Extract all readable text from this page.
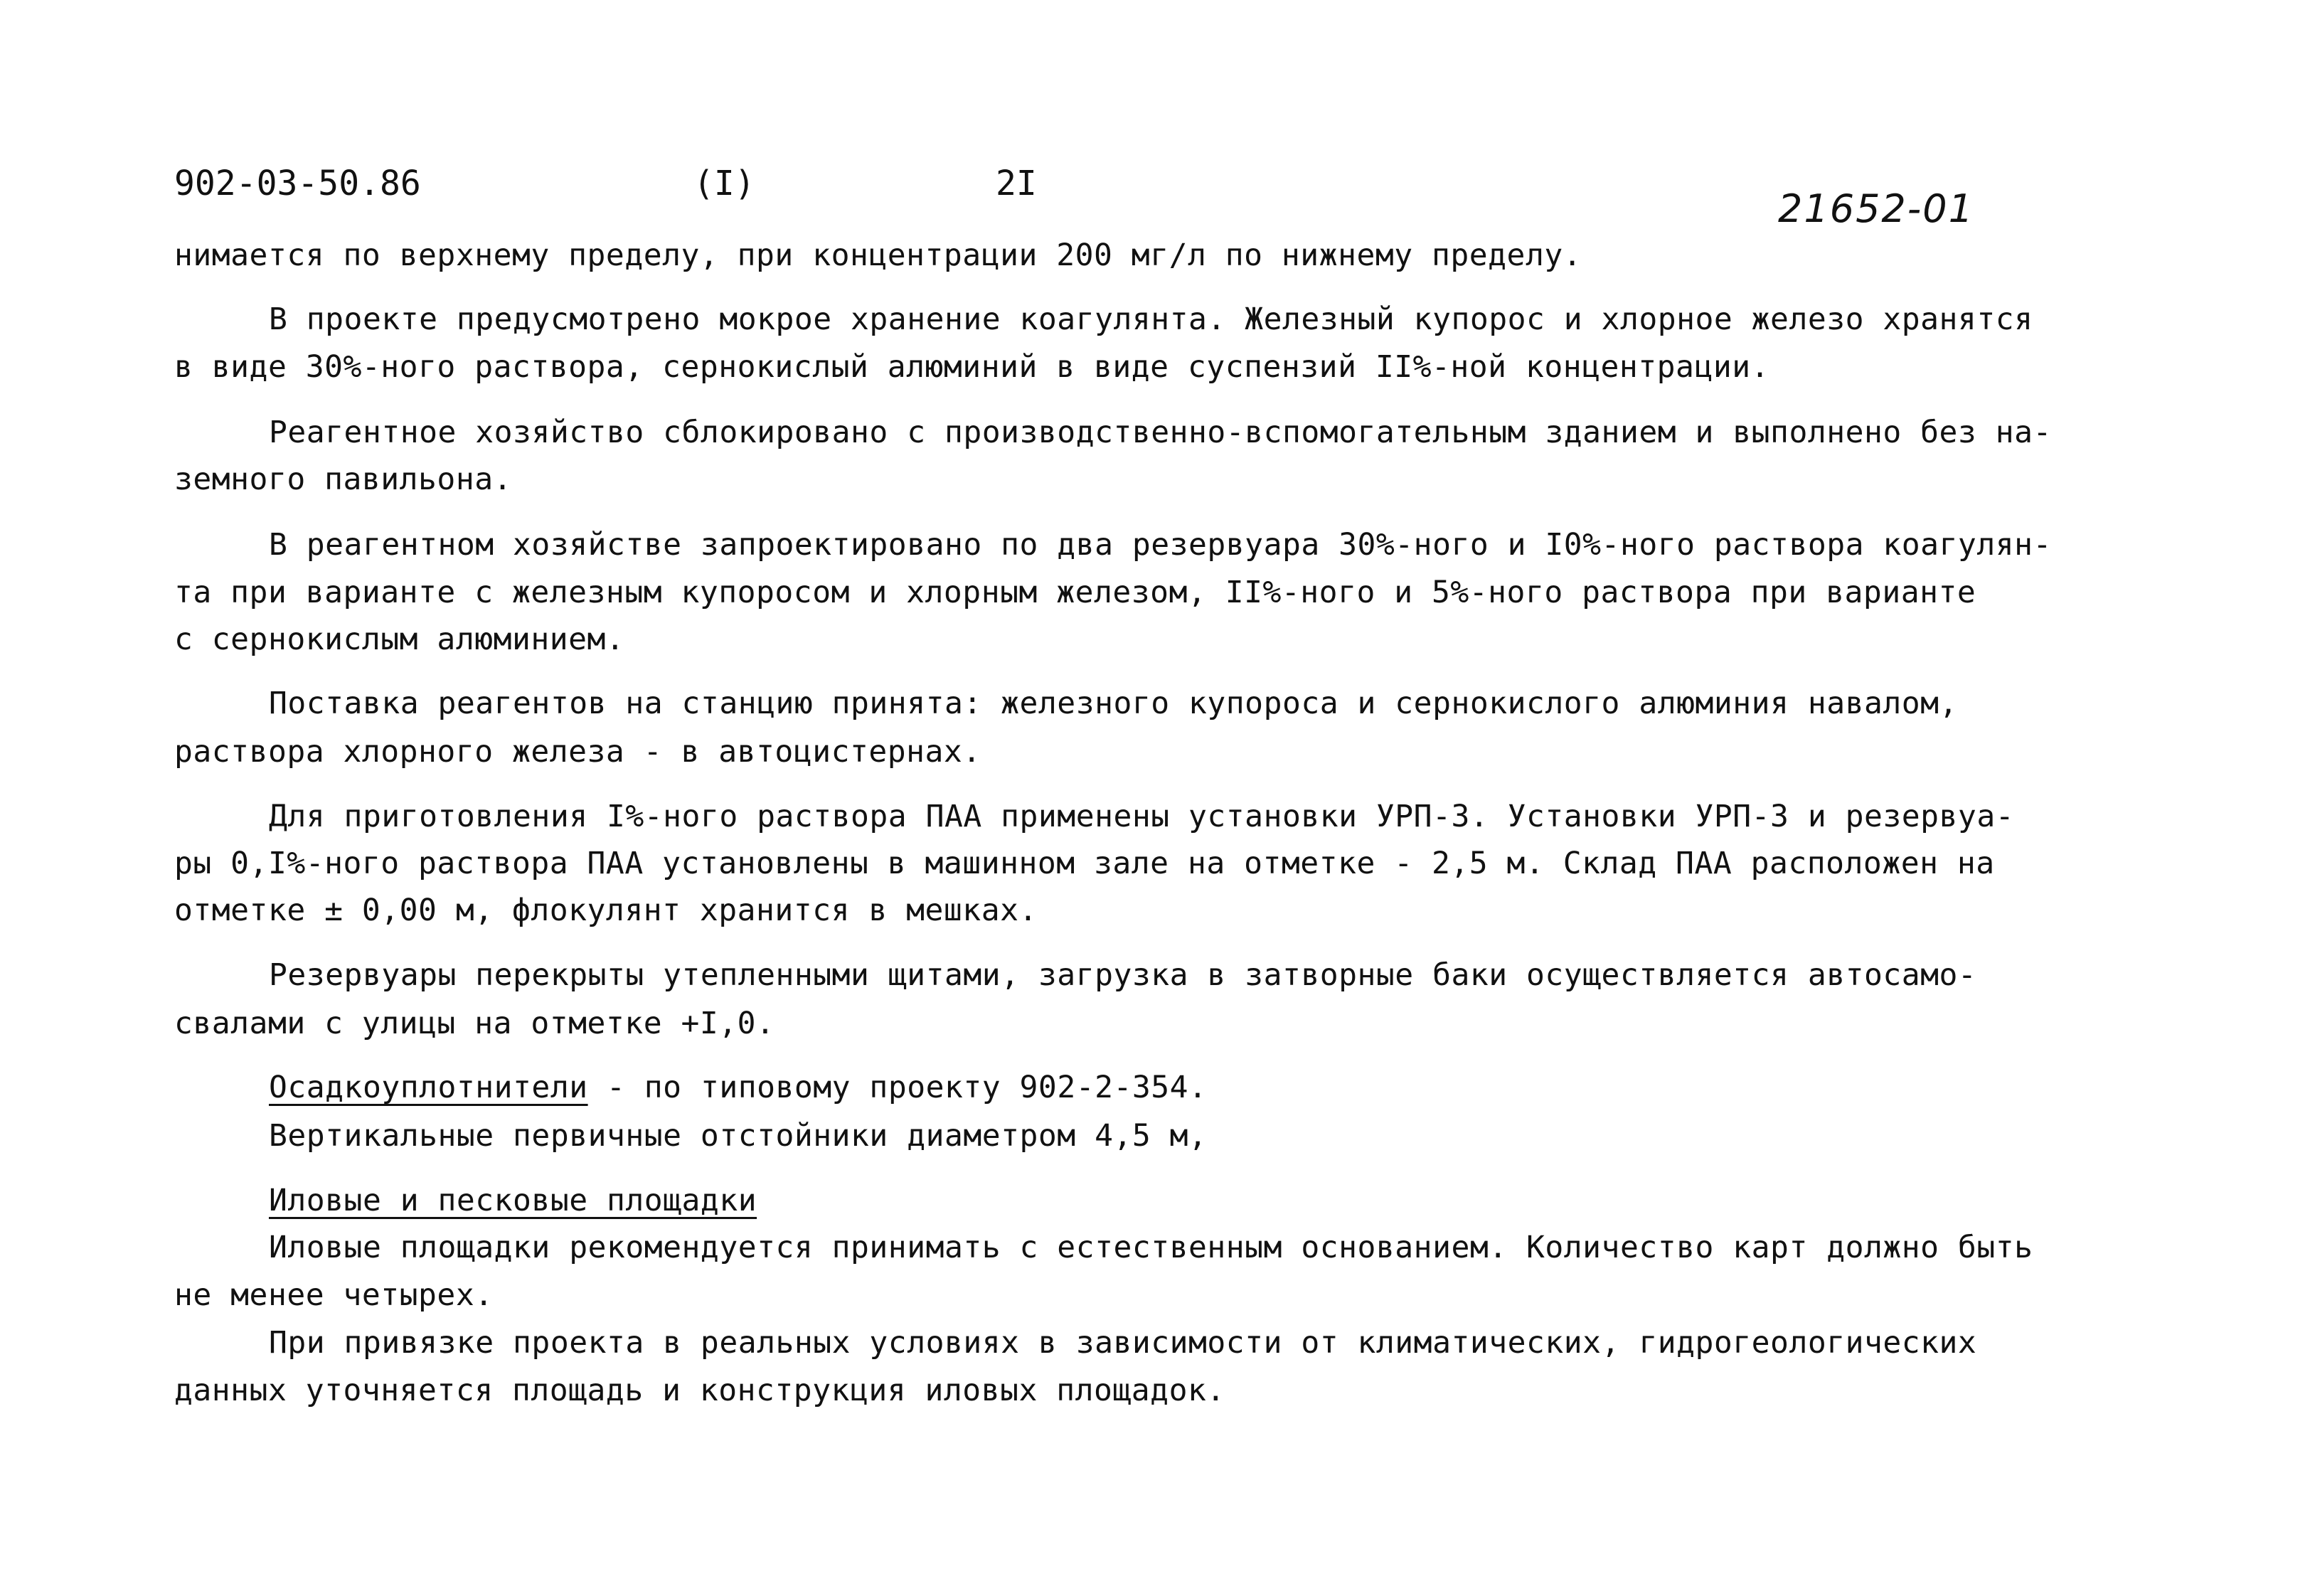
902-03-50.86	(I)	2I
21652-01
нимается по верхнему пределу, при концентрации 200 мг/л по нижнему пределу.
В проекте предусмотрено мокрое хранение коагулянта. Железный купорос и хлорное железо хранятся
в виде 30%-ного раствора, сернокислый алюминий в виде суспензий II%-ной концентрации.
Реагентное хозяйство сблокировано с производственно-вспомогательным зданием и выполнено без на-
земного павильона.
В реагентном хозяйстве запроектировано по два резервуара 30%-ного и I0%-ного раствора коагулян-
та при варианте с железным купоросом и хлорным железом, II%-ного и 5%-ного раствора при варианте
с сернокислым алюминием.
Поставка реагентов на станцию принята: железного купороса и сернокислого алюминия навалом,
раствора хлорного железа - в автоцистернах.
Для приготовления I%-ного раствора ПАА применены установки УРП-3. Установки УРП-3 и резервуа-
ры 0,I%-ного раствора ПАА установлены в машинном зале на отметке - 2,5 м. Склад ПАА расположен на
отметке ± 0,00 м, флокулянт хранится в мешках.
Резервуары перекрыты утепленными щитами, загрузка в затворные баки осуществляется автосамо-
свалами с улицы на отметке +I,0.
Осадкоуплотнители - по типовому проекту 902-2-354.
Вертикальные первичные отстойники диаметром 4,5 м,
Иловые и песковые площадки
Иловые площадки рекомендуется принимать с естественным основанием. Количество карт должно быть
не менее четырех.
При привязке проекта в реальных условиях в зависимости от климатических, гидрогеологических
данных уточняется площадь и конструкция иловых площадок.
